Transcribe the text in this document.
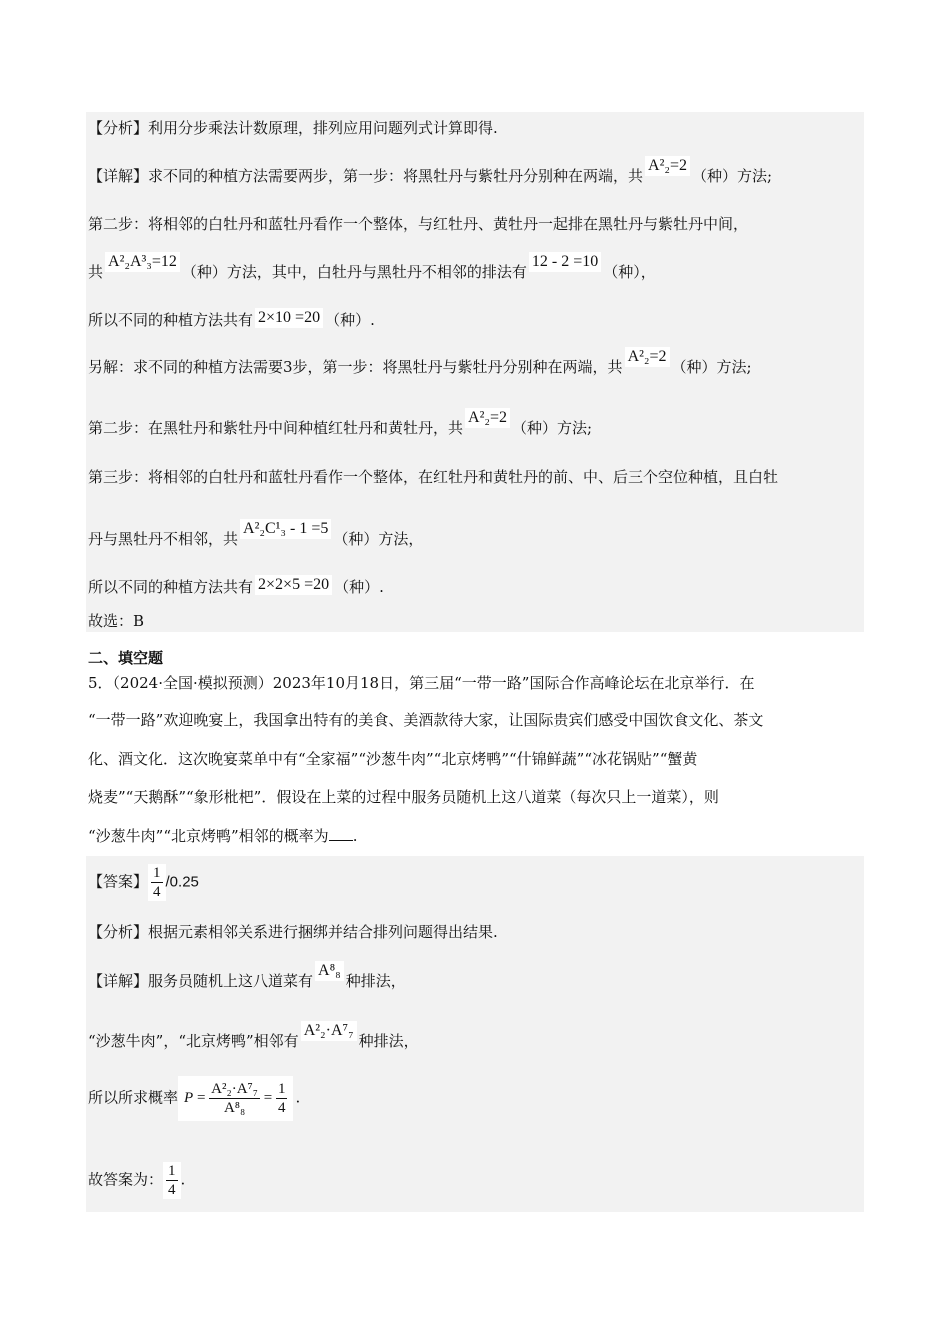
【分析】利用分步乘法计数原理，排列应用问题列式计算即得.
【详解】求不同的种植方法需要两步，第一步：将黑牡丹与紫牡丹分别种在两端，共A²₂=2（种）方法;
第二步：将相邻的白牡丹和蓝牡丹看作一个整体，与红牡丹、黄牡丹一起排在黑牡丹与紫牡丹中间，
共A²₂A³₃=12（种）方法，其中，白牡丹与黑牡丹不相邻的排法有12 - 2 =10（种），
所以不同的种植方法共有 2×10 =20 （种）.
另解：求不同的种植方法需要3步，第一步：将黑牡丹与紫牡丹分别种在两端，共A²₂=2（种）方法;
第二步：在黑牡丹和紫牡丹中间种植红牡丹和黄牡丹，共A²₂=2（种）方法;
第三步：将相邻的白牡丹和蓝牡丹看作一个整体，在红牡丹和黄牡丹的前、中、后三个空位种植，且白牡
丹与黑牡丹不相邻，共A²₂C¹₃ - 1 =5（种）方法，
所以不同的种植方法共有 2×2×5 =20 （种）.
故选：B
二、填空题
5．（2024·全国·模拟预测）2023年10月18日，第三届“一带一路”国际合作高峰论坛在北京举行．在
“一带一路”欢迎晚宴上，我国拿出特有的美食、美酒款待大家，让国际贵宾们感受中国饮食文化、茶文
化、酒文化．这次晚宴菜单中有“全家福”“沙葱牛肉”“北京烤鸭”“什锦鲜蔬”“冰花锅贴”“蟹黄
烧麦”“天鹅酥”“象形枇杷”．假设在上菜的过程中服务员随机上这八道菜（每次只上一道菜），则
“沙葱牛肉”“北京烤鸭”相邻的概率为 .
【答案】 $\frac{1}{4} /0.25$
【分析】根据元素相邻关系进行捆绑并结合排列问题得出结果.
【详解】服务员随机上这八道菜有A⁸₈种排法，
“沙葱牛肉”，“北京烤鸭”相邻有A²₂·A⁷₇种排法，
所以所求概率 $P = \frac{\text{A²₂·A⁷₇}}{\text{A⁸₈}} = \frac{1}{4}$ .
故答案为： $\frac{1}{4}$ .
